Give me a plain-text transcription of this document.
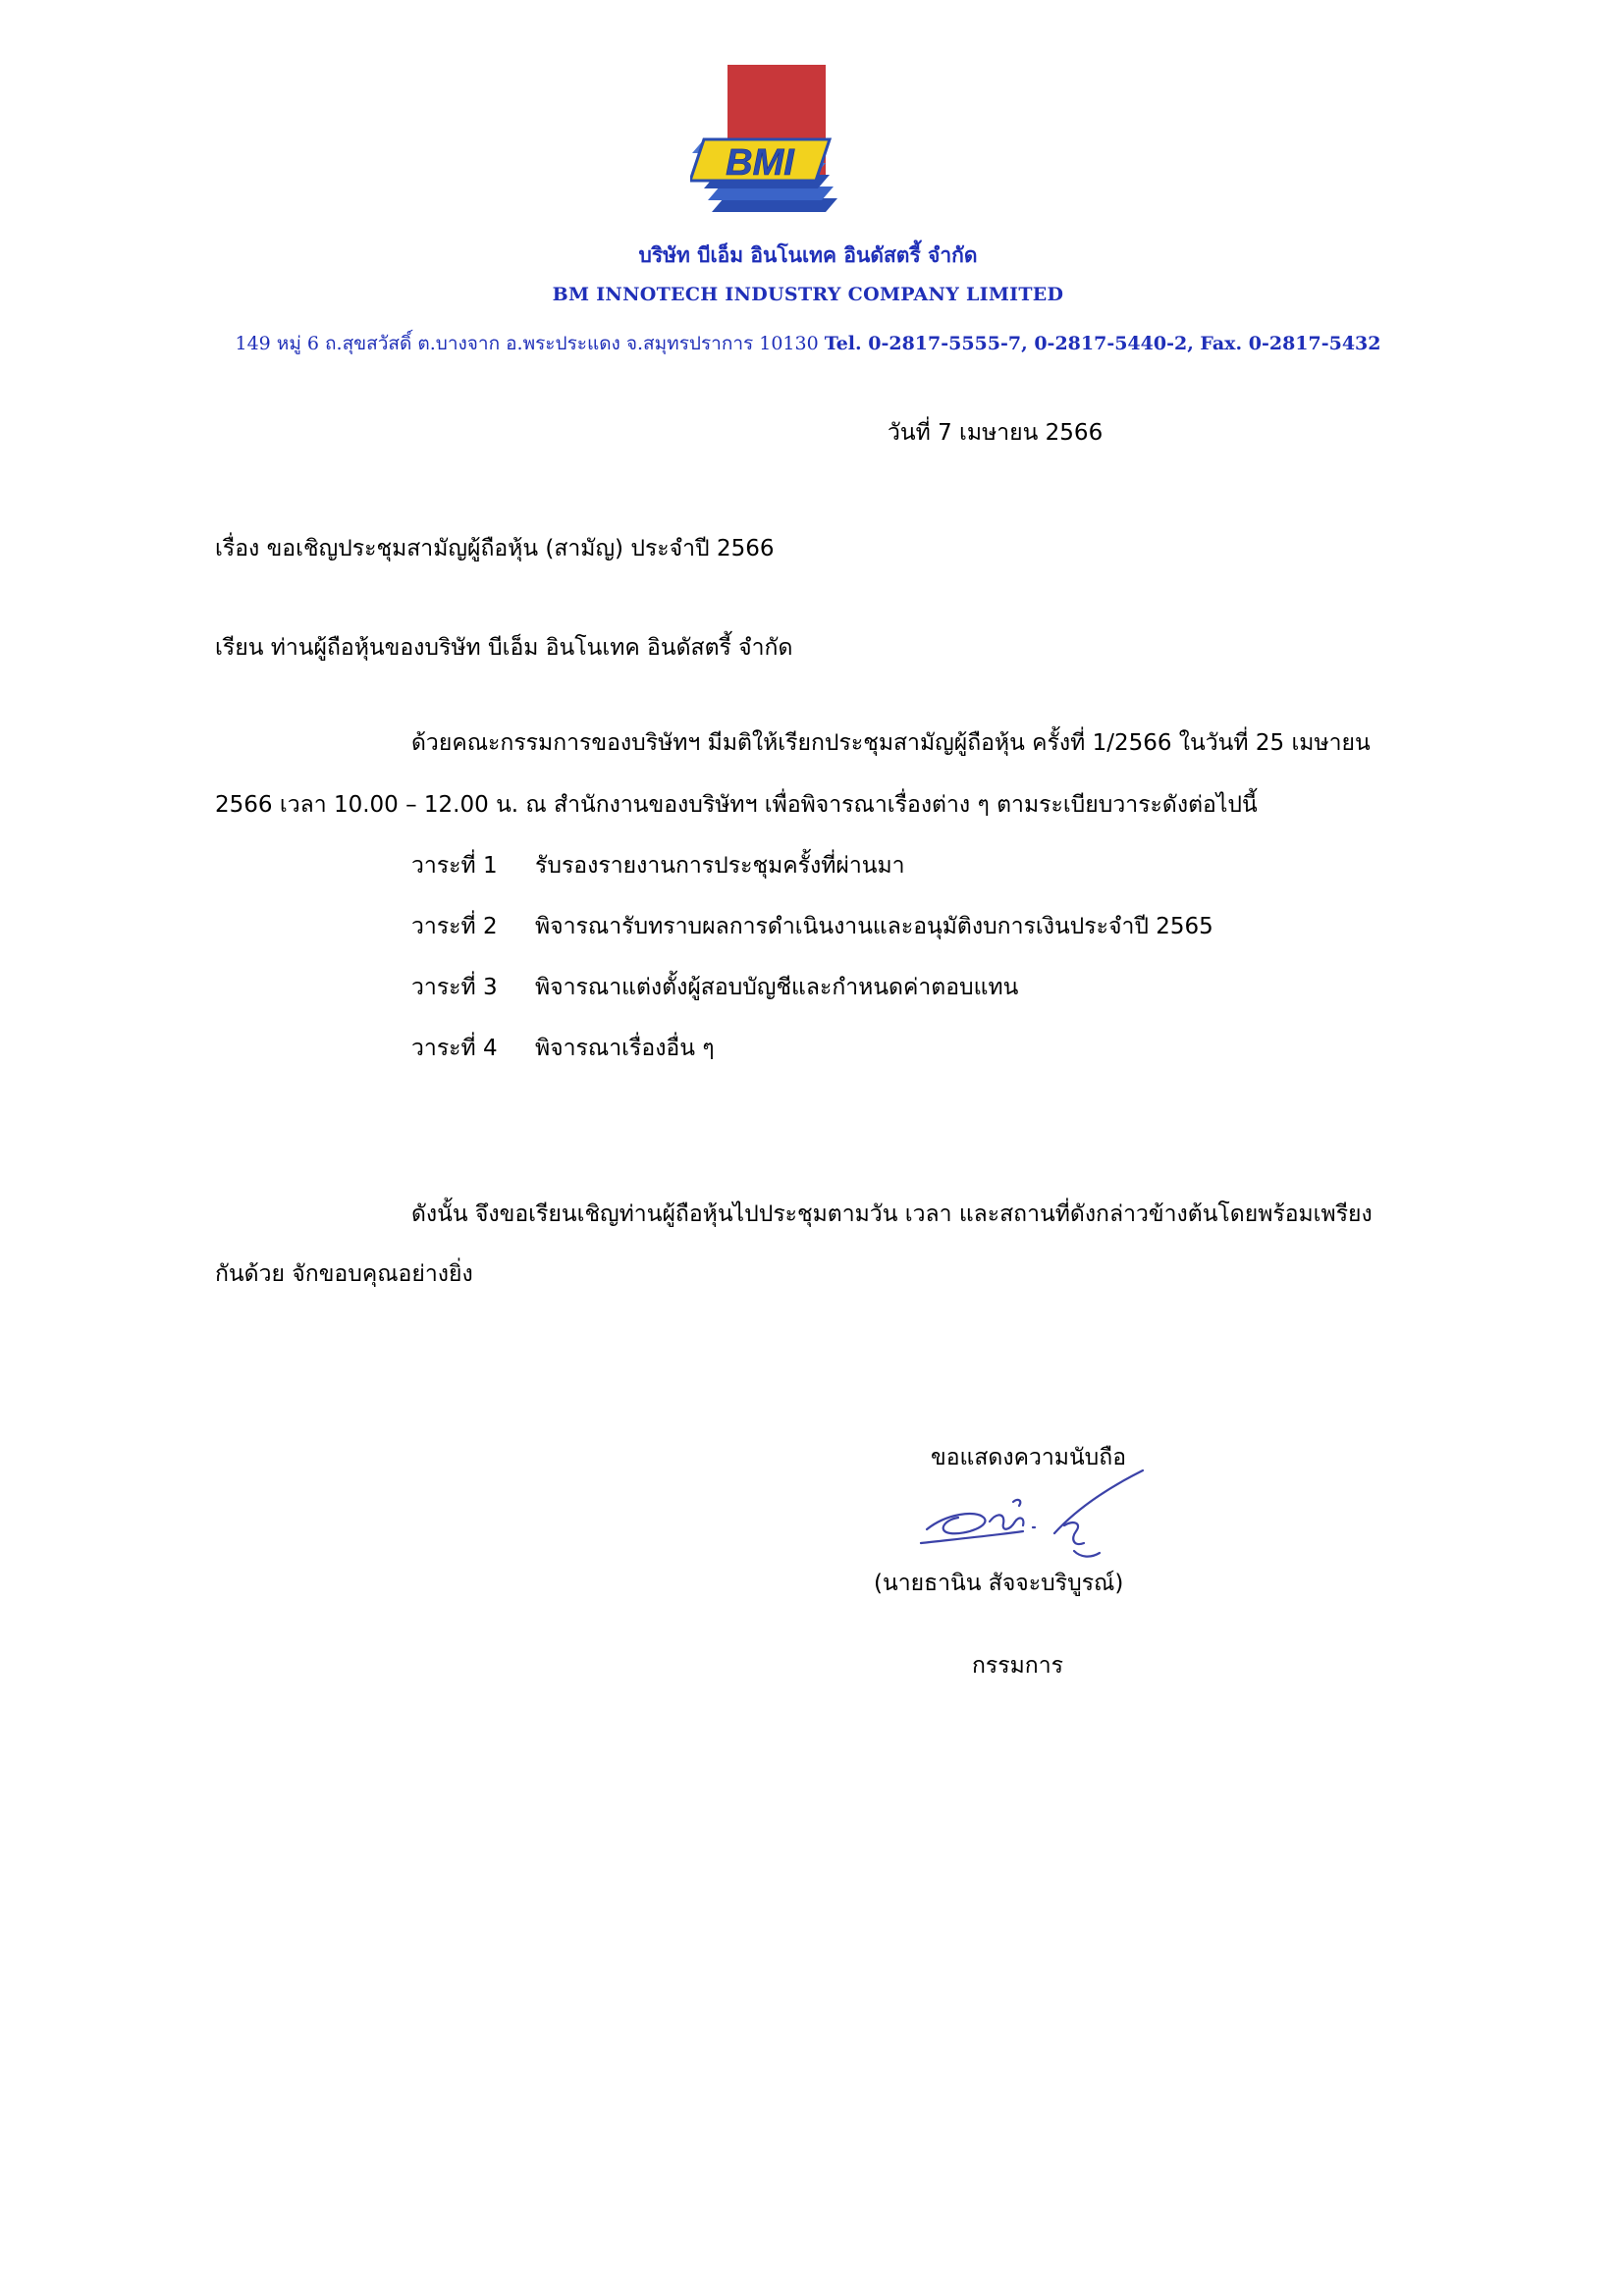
BMI
บริษัท บีเอ็ม อินโนเทค อินดัสตรี้ จำกัด
BM INNOTECH INDUSTRY COMPANY LIMITED
149 หมู่ 6 ถ.สุขสวัสดิ์ ต.บางจาก อ.พระประแดง จ.สมุทรปราการ 10130 Tel. 0-2817-5555-7, 0-2817-5440-2, Fax. 0-2817-5432
วันที่ 7 เมษายน 2566
เรื่อง ขอเชิญประชุมสามัญผู้ถือหุ้น (สามัญ) ประจำปี 2566
เรียน ท่านผู้ถือหุ้นของบริษัท บีเอ็ม อินโนเทค อินดัสตรี้ จำกัด
ด้วยคณะกรรมการของบริษัทฯ มีมติให้เรียกประชุมสามัญผู้ถือหุ้น ครั้งที่ 1/2566 ในวันที่ 25 เมษายน
2566 เวลา 10.00 – 12.00 น. ณ สำนักงานของบริษัทฯ เพื่อพิจารณาเรื่องต่าง ๆ ตามระเบียบวาระดังต่อไปนี้
วาระที่ 1 รับรองรายงานการประชุมครั้งที่ผ่านมา
วาระที่ 2 พิจารณารับทราบผลการดำเนินงานและอนุมัติงบการเงินประจำปี 2565
วาระที่ 3 พิจารณาแต่งตั้งผู้สอบบัญชีและกำหนดค่าตอบแทน
วาระที่ 4 พิจารณาเรื่องอื่น ๆ
ดังนั้น จึงขอเรียนเชิญท่านผู้ถือหุ้นไปประชุมตามวัน เวลา และสถานที่ดังกล่าวข้างต้นโดยพร้อมเพรียง
กันด้วย จักขอบคุณอย่างยิ่ง
ขอแสดงความนับถือ
(นายธานิน สัจจะบริบูรณ์)
กรรมการ
